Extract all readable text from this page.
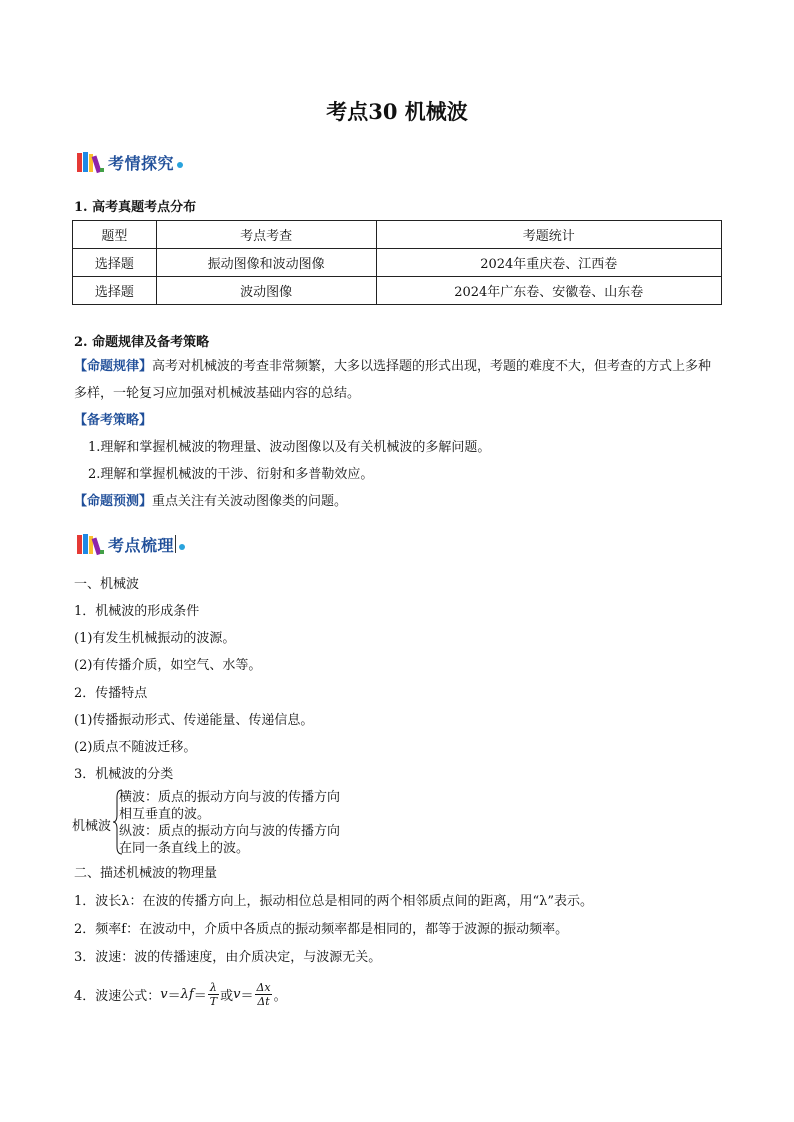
考点30 机械波
考情探究
1. 高考真题考点分布
题型	考点考查	考题统计
选择题	振动图像和波动图像	2024年重庆卷、江西卷
选择题	波动图像	2024年广东卷、安徽卷、山东卷
2. 命题规律及备考策略
【命题规律】高考对机械波的考查非常频繁，大多以选择题的形式出现，考题的难度不大，但考查的方式上多种多样，一轮复习应加强对机械波基础内容的总结。
【备考策略】
1.理解和掌握机械波的物理量、波动图像以及有关机械波的多解问题。
2.理解和掌握机械波的干涉、衍射和多普勒效应。
【命题预测】重点关注有关波动图像类的问题。
考点梳理
一、机械波
1．机械波的形成条件
(1)有发生机械振动的波源。
(2)有传播介质，如空气、水等。
2．传播特点
(1)传播振动形式、传递能量、传递信息。
(2)质点不随波迁移。
3．机械波的分类
机械波
横波：质点的振动方向与波的传播方向
相互垂直的波。
纵波：质点的振动方向与波的传播方向
在同一条直线上的波。
二、描述机械波的物理量
1．波长λ：在波的传播方向上，振动相位总是相同的两个相邻质点间的距离，用“λ”表示。
2．频率f：在波动中，介质中各质点的振动频率都是相同的，都等于波源的振动频率。
3．波速：波的传播速度，由介质决定，与波源无关。
4．波速公式： $v = \lambda f = \frac{\lambda}{T}$ 或 $v = \frac{\Delta x}{\Delta t}$ 。
